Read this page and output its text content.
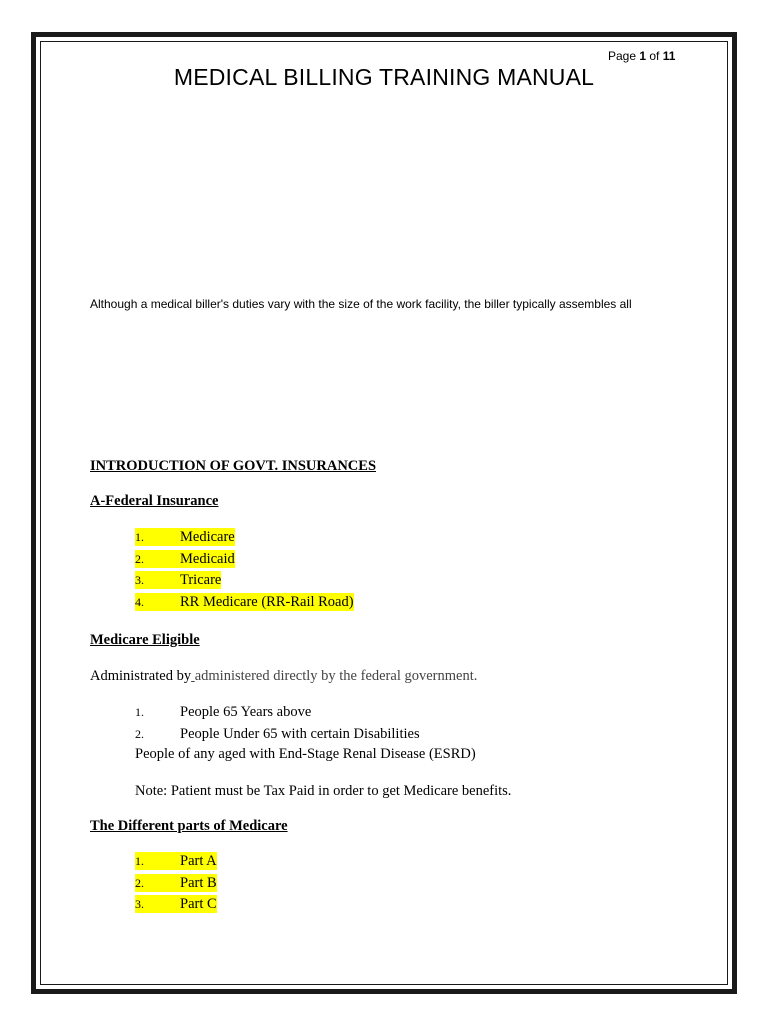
Page 1 of 11
MEDICAL BILLING TRAINING MANUAL
Although a medical biller's duties vary with the size of the work facility, the biller typically assembles all
INTRODUCTION OF GOVT. INSURANCES
A-Federal Insurance
1. Medicare
2. Medicaid
3. Tricare
4. RR Medicare (RR-Rail Road)
Medicare Eligible
Administrated by administered directly by the federal government.
1. People 65 Years above
2. People Under 65 with certain Disabilities
People of any aged with End-Stage Renal Disease (ESRD)
Note: Patient must be Tax Paid in order to get Medicare benefits.
The Different parts of Medicare
1. Part A
2. Part B
3. Part C
